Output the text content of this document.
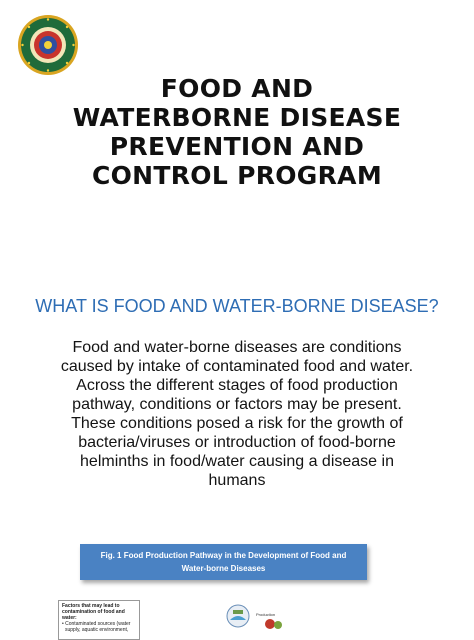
FOOD AND
WATERBORNE DISEASE
PREVENTION AND
CONTROL PROGRAM
WHAT IS FOOD AND WATER-BORNE DISEASE?
Food and water-borne diseases are conditions
caused by intake of contaminated food and water.
Across the different stages of food production
pathway, conditions or factors may be present.
These conditions posed a risk for the growth of
bacteria/viruses or introduction of food-borne
helminths in food/water causing a disease in
humans
Fig. 1 Food Production Pathway in the Development of Food and
Water-borne Diseases
Factors that may lead to
contamination of food and water:
• Contaminated sources (water
supply, aquatic environment,
Production
